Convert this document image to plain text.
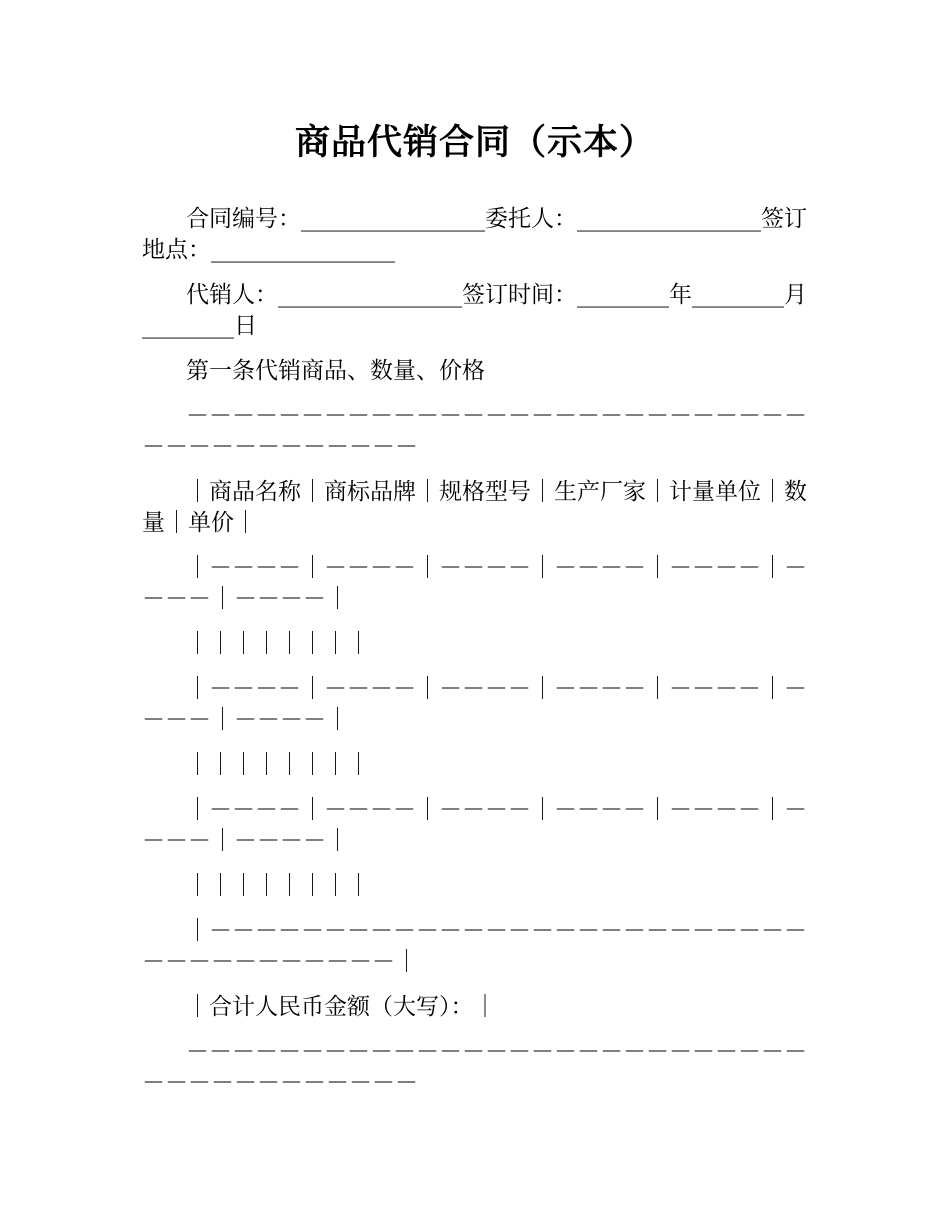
商品代销合同（示本）

合同编号：________________委托人：________________签订地点：________________

代销人：________________签订时间：________年________月________日

第一条代销商品、数量、价格

－－－－－－－－－－－－－－－－－－－－－－－－－－－－－－－－－－－－－－－

｜商品名称｜商标品牌｜规格型号｜生产厂家｜计量单位｜数量｜单价｜

｜－－－－｜－－－－｜－－－－｜－－－－｜－－－－｜－－－－｜－－－－｜

｜｜｜｜｜｜｜｜

｜－－－－｜－－－－｜－－－－｜－－－－｜－－－－｜－－－－｜－－－－｜

｜｜｜｜｜｜｜｜

｜－－－－｜－－－－｜－－－－｜－－－－｜－－－－｜－－－－｜－－－－｜

｜｜｜｜｜｜｜｜

｜－－－－－－－－－－－－－－－－－－－－－－－－－－－－－－－－－－－－－｜

｜合计人民币金额（大写）：｜

－－－－－－－－－－－－－－－－－－－－－－－－－－－－－－－－－－－－－－－
